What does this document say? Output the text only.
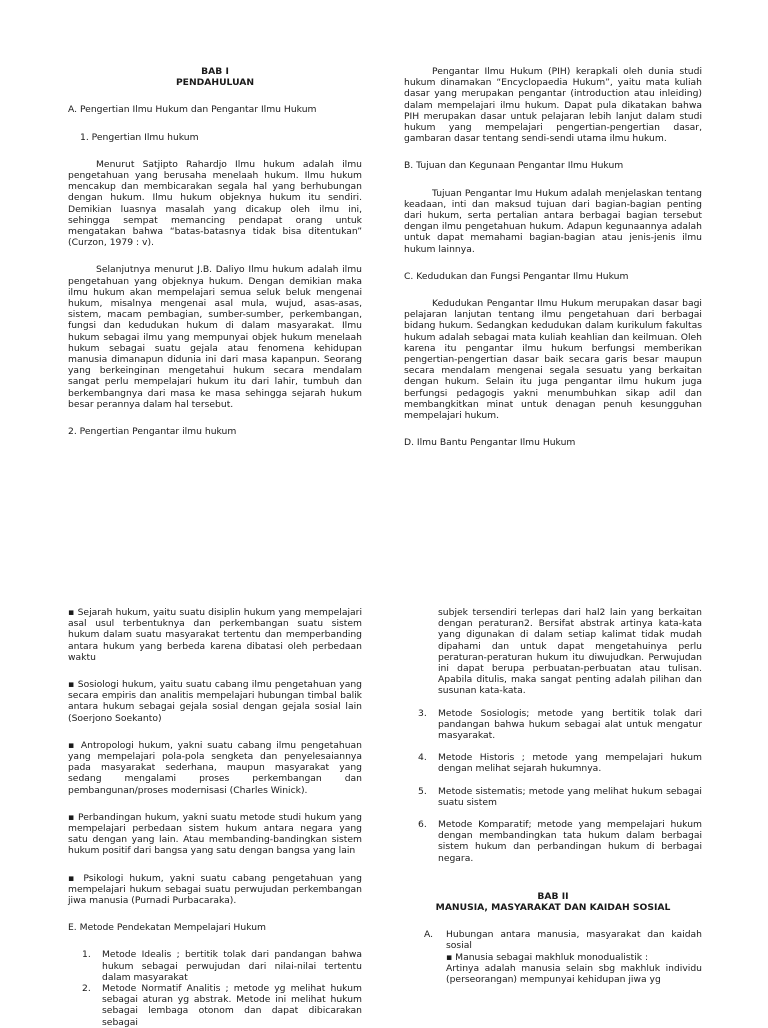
BAB I

PENDAHULUAN

A. Pengertian Ilmu Hukum dan Pengantar Ilmu Hukum

1. Pengertian Ilmu hukum

Menurut Satjipto Rahardjo Ilmu hukum adalah ilmu pengetahuan yang berusaha menelaah hukum. Ilmu hukum mencakup dan membicarakan segala hal yang berhubungan dengan hukum. Ilmu hukum objeknya hukum itu sendiri. Demikian luasnya masalah yang dicakup oleh ilmu ini, sehingga sempat memancing pendapat orang untuk mengatakan bahwa “batas-batasnya tidak bisa ditentukan” (Curzon, 1979 : v).

Selanjutnya menurut J.B. Daliyo Ilmu hukum adalah ilmu pengetahuan yang objeknya hukum. Dengan demikian maka ilmu hukum akan mempelajari semua seluk beluk mengenai hukum, misalnya mengenai asal mula, wujud, asas-asas, sistem, macam pembagian, sumber-sumber, perkembangan, fungsi dan kedudukan hukum di dalam masyarakat. Ilmu hukum sebagai ilmu yang mempunyai objek hukum menelaah hukum sebagai suatu gejala atau fenomena kehidupan manusia dimanapun didunia ini dari masa kapanpun. Seorang yang berkeinginan mengetahui hukum secara mendalam sangat perlu mempelajari hukum itu dari lahir, tumbuh dan berkembangnya dari masa ke masa sehingga sejarah hukum besar perannya dalam hal tersebut.

2. Pengertian Pengantar ilmu hukum

Pengantar Ilmu Hukum (PIH) kerapkali oleh dunia studi hukum dinamakan “Encyclopaedia Hukum”, yaitu mata kuliah dasar yang merupakan pengantar (introduction atau inleiding) dalam mempelajari ilmu hukum. Dapat pula dikatakan bahwa PIH merupakan dasar untuk pelajaran lebih lanjut dalam studi hukum yang mempelajari pengertian-pengertian dasar, gambaran dasar tentang sendi-sendi utama ilmu hukum.

B. Tujuan dan Kegunaan Pengantar Ilmu Hukum

Tujuan Pengantar Imu Hukum adalah menjelaskan tentang keadaan, inti dan maksud tujuan dari bagian-bagian penting dari hukum, serta pertalian antara berbagai bagian tersebut dengan ilmu pengetahuan hukum. Adapun kegunaannya adalah untuk dapat memahami bagian-bagian atau jenis-jenis ilmu hukum lainnya.

C. Kedudukan dan Fungsi Pengantar Ilmu Hukum

Kedudukan Pengantar Ilmu Hukum merupakan dasar bagi pelajaran lanjutan tentang ilmu pengetahuan dari berbagai bidang hukum. Sedangkan kedudukan dalam kurikulum fakultas hukum adalah sebagai mata kuliah keahlian dan keilmuan. Oleh karena itu pengantar ilmu hukum berfungsi memberikan pengertian-pengertian dasar baik secara garis besar maupun secara mendalam mengenai segala sesuatu yang berkaitan dengan hukum. Selain itu juga pengantar ilmu hukum juga berfungsi pedagogis yakni menumbuhkan sikap adil dan membangkitkan minat untuk denagan penuh kesungguhan mempelajari hukum.

D. Ilmu Bantu Pengantar Ilmu Hukum

▪ Sejarah hukum, yaitu suatu disiplin hukum yang mempelajari asal usul terbentuknya dan perkembangan suatu sistem hukum dalam suatu masyarakat tertentu dan memperbanding antara hukum yang berbeda karena dibatasi oleh perbedaan waktu

▪ Sosiologi hukum, yaitu suatu cabang ilmu pengetahuan yang secara empiris dan analitis mempelajari hubungan timbal balik antara hukum sebagai gejala sosial dengan gejala sosial lain (Soerjono Soekanto)

▪ Antropologi hukum, yakni suatu cabang ilmu pengetahuan yang mempelajari pola-pola sengketa dan penyelesaiannya pada masyarakat sederhana, maupun masyarakat yang sedang mengalami proses perkembangan dan pembangunan/proses modernisasi (Charles Winick).

▪ Perbandingan hukum, yakni suatu metode studi hukum yang mempelajari perbedaan sistem hukum antara negara yang satu dengan yang lain. Atau membanding-bandingkan sistem hukum positif dari bangsa yang satu dengan bangsa yang lain

▪ Psikologi hukum, yakni suatu cabang pengetahuan yang mempelajari hukum sebagai suatu perwujudan perkembangan jiwa manusia (Purnadi Purbacaraka).

E. Metode Pendekatan Mempelajari Hukum

1. Metode Idealis ; bertitik tolak dari pandangan bahwa hukum sebagai perwujudan dari nilai-nilai tertentu dalam masyarakat
2. Metode Normatif Analitis ; metode yg melihat hukum sebagai aturan yg abstrak. Metode ini melihat hukum sebagai lembaga otonom dan dapat dibicarakan sebagai

subjek tersendiri terlepas dari hal2 lain yang berkaitan dengan peraturan2. Bersifat abstrak artinya kata-kata yang digunakan di dalam setiap kalimat tidak mudah dipahami dan untuk dapat mengetahuinya perlu peraturan-peraturan hukum itu diwujudkan. Perwujudan ini dapat berupa perbuatan-perbuatan atau tulisan. Apabila ditulis, maka sangat penting adalah pilihan dan susunan kata-kata.

3. Metode Sosiologis; metode yang bertitik tolak dari pandangan bahwa hukum sebagai alat untuk mengatur masyarakat.
4. Metode Historis ; metode yang mempelajari hukum dengan melihat sejarah hukumnya.
5. Metode sistematis; metode yang melihat hukum sebagai suatu sistem
6. Metode Komparatif; metode yang mempelajari hukum dengan membandingkan tata hukum dalam berbagai sistem hukum dan perbandingan hukum di berbagai negara.

BAB II

MANUSIA, MASYARAKAT DAN KAIDAH SOSIAL

A. Hubungan antara manusia, masyarakat dan kaidah sosial

▪ Manusia sebagai makhluk monodualistik :

Artinya adalah manusia selain sbg makhluk individu (perseorangan) mempunyai kehidupan jiwa yg
